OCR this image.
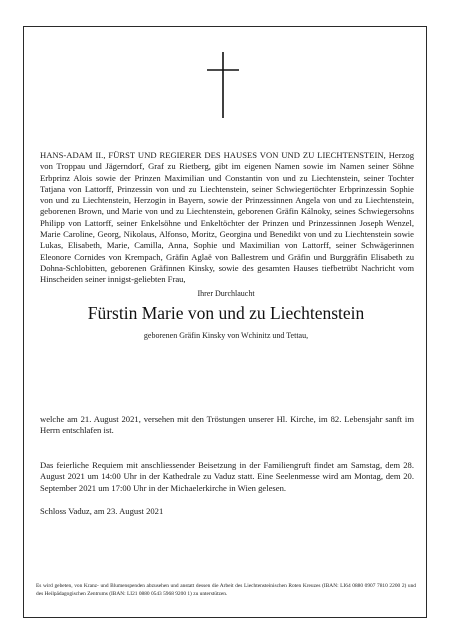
HANS-ADAM II., FÜRST UND REGIERER DES HAUSES VON UND ZU LIECHTENSTEIN, Herzog von Troppau und Jägerndorf, Graf zu Rietberg, gibt im eigenen Namen sowie im Namen seiner Söhne Erbprinz Alois sowie der Prinzen Maximilian und Constantin von und zu Liechtenstein, seiner Tochter Tatjana von Lattorff, Prinzessin von und zu Liechtenstein, seiner Schwiegertöchter Erbprinzessin Sophie von und zu Liechtenstein, Herzogin in Bayern, sowie der Prinzessinnen Angela von und zu Liechtenstein, geborenen Brown, und Marie von und zu Liechtenstein, geborenen Gräfin Kálnoky, seines Schwiegersohns Philipp von Lattorff, seiner Enkelsöhne und Enkeltöchter der Prinzen und Prinzessinnen Joseph Wenzel, Marie Caroline, Georg, Nikolaus, Alfonso, Moritz, Georgina und Benedikt von und zu Liechtenstein sowie Lukas, Elisabeth, Marie, Camilla, Anna, Sophie und Maximilian von Lattorff, seiner Schwägerinnen Eleonore Cornides von Krempach, Gräfin Aglaë von Ballestrem und Gräfin und Burggräfin Elisabeth zu Dohna-Schlobitten, geborenen Gräfinnen Kinsky, sowie des gesamten Hauses tiefbetrübt Nachricht vom Hinscheiden seiner innigst-geliebten Frau,

Ihrer Durchlaucht

Fürstin Marie von und zu Liechtenstein

geborenen Gräfin Kinsky von Wchinitz und Tettau,

welche am 21. August 2021, versehen mit den Tröstungen unserer Hl. Kirche, im 82. Lebensjahr sanft im Herrn entschlafen ist.

Das feierliche Requiem mit anschliessender Beisetzung in der Familiengruft findet am Samstag, dem 28. August 2021 um 14:00 Uhr in der Kathedrale zu Vaduz statt. Eine Seelenmesse wird am Montag, dem 20. September 2021 um 17:00 Uhr in der Michaelerkirche in Wien gelesen.

Schloss Vaduz, am 23. August 2021

Es wird gebeten, von Kranz- und Blumenspenden abzusehen und anstatt dessen die Arbeit des Liechtensteinischen Roten Kreuzes (IBAN: LI64 0880 0907 7810 2200 2) und des Heilpädagogischen Zentrums (IBAN: LI21 0880 0543 5968 9200 1) zu unterstützen.
